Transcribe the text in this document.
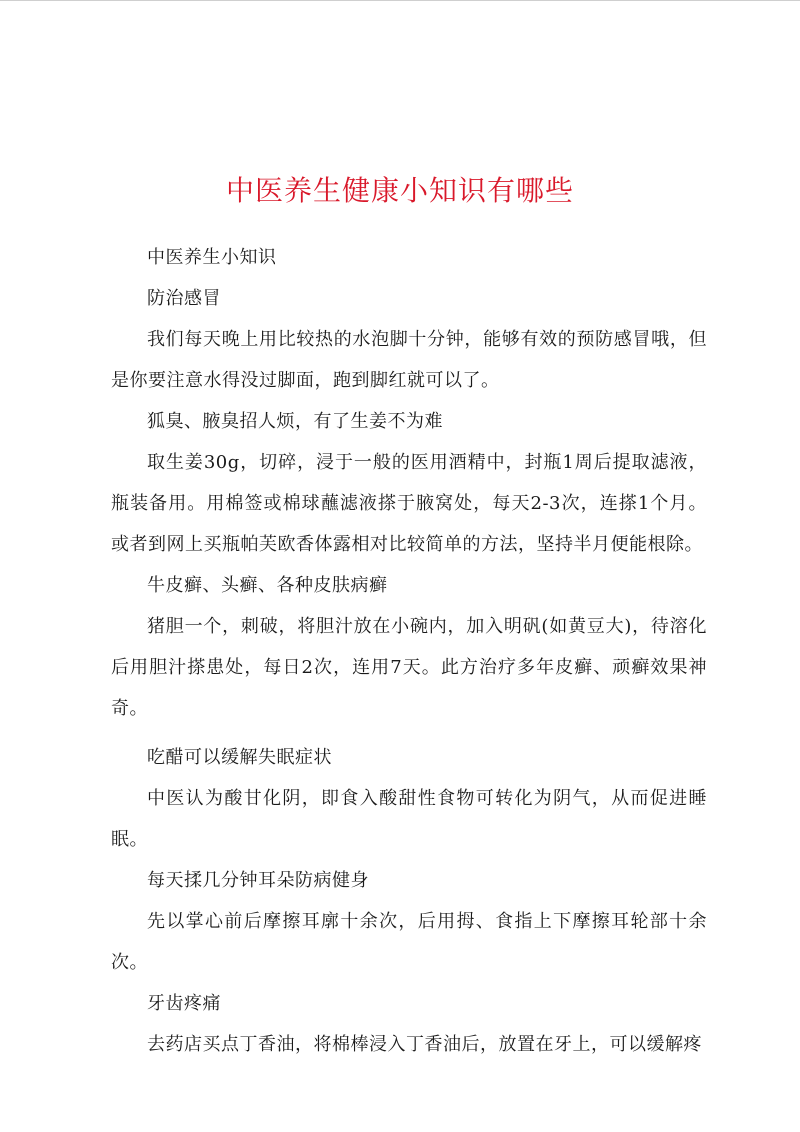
中医养生健康小知识有哪些

中医养生小知识

防治感冒

我们每天晚上用比较热的水泡脚十分钟，能够有效的预防感冒哦，但是你要注意水得没过脚面，跑到脚红就可以了。

狐臭、腋臭招人烦，有了生姜不为难

取生姜30g，切碎，浸于一般的医用酒精中，封瓶1周后提取滤液，瓶装备用。用棉签或棉球蘸滤液搽于腋窝处，每天2-3次，连搽1个月。或者到网上买瓶帕芙欧香体露相对比较简单的方法，坚持半月便能根除。

牛皮癣、头癣、各种皮肤病癣

猪胆一个，刺破，将胆汁放在小碗内，加入明矾(如黄豆大)，待溶化后用胆汁搽患处，每日2次，连用7天。此方治疗多年皮癣、顽癣效果神奇。

吃醋可以缓解失眠症状

中医认为酸甘化阴，即食入酸甜性食物可转化为阴气，从而促进睡眠。

每天揉几分钟耳朵防病健身

先以掌心前后摩擦耳廓十余次，后用拇、食指上下摩擦耳轮部十余次。

牙齿疼痛

去药店买点丁香油，将棉棒浸入丁香油后，放置在牙上，可以缓解疼
